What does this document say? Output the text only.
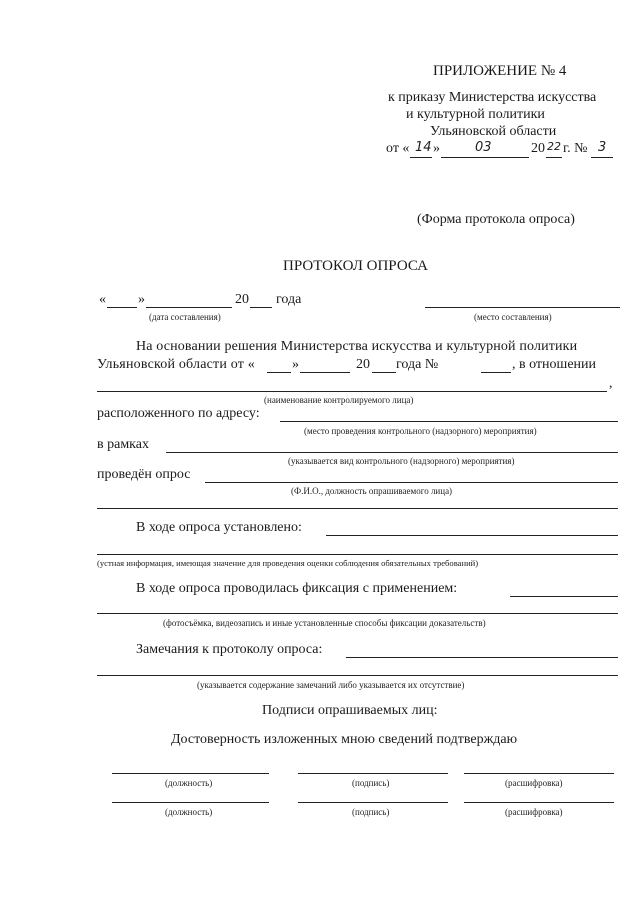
ПРИЛОЖЕНИЕ № 4
к приказу Министерства искусства
и культурной политики
Ульяновской области
от « 14 »	03	20 22 г. № 3
(Форма протокола опроса)
ПРОТОКОЛ ОПРОСА
« »	20 года
(дата составления)	(место составления)
На основании решения Министерства искусства и культурной политики
Ульяновской области от «	»	20 года №	, в отношении
,
(наименование контролируемого лица)
расположенного по адресу:
(место проведения контрольного (надзорного) мероприятия)
в рамках
(указывается вид контрольного (надзорного) мероприятия)
проведён опрос
(Ф.И.О., должность опрашиваемого лица)
В ходе опроса установлено:
(устная информация, имеющая значение для проведения оценки соблюдения обязательных требований)
В ходе опроса проводилась фиксация с применением:
(фотосъёмка, видеозапись и иные установленные способы фиксации доказательств)
Замечания к протоколу опроса:
(указывается содержание замечаний либо указывается их отсутствие)
Подписи опрашиваемых лиц:
Достоверность изложенных мною сведений подтверждаю
(должность)	(подпись)	(расшифровка)
(должность)	(подпись)	(расшифровка)
